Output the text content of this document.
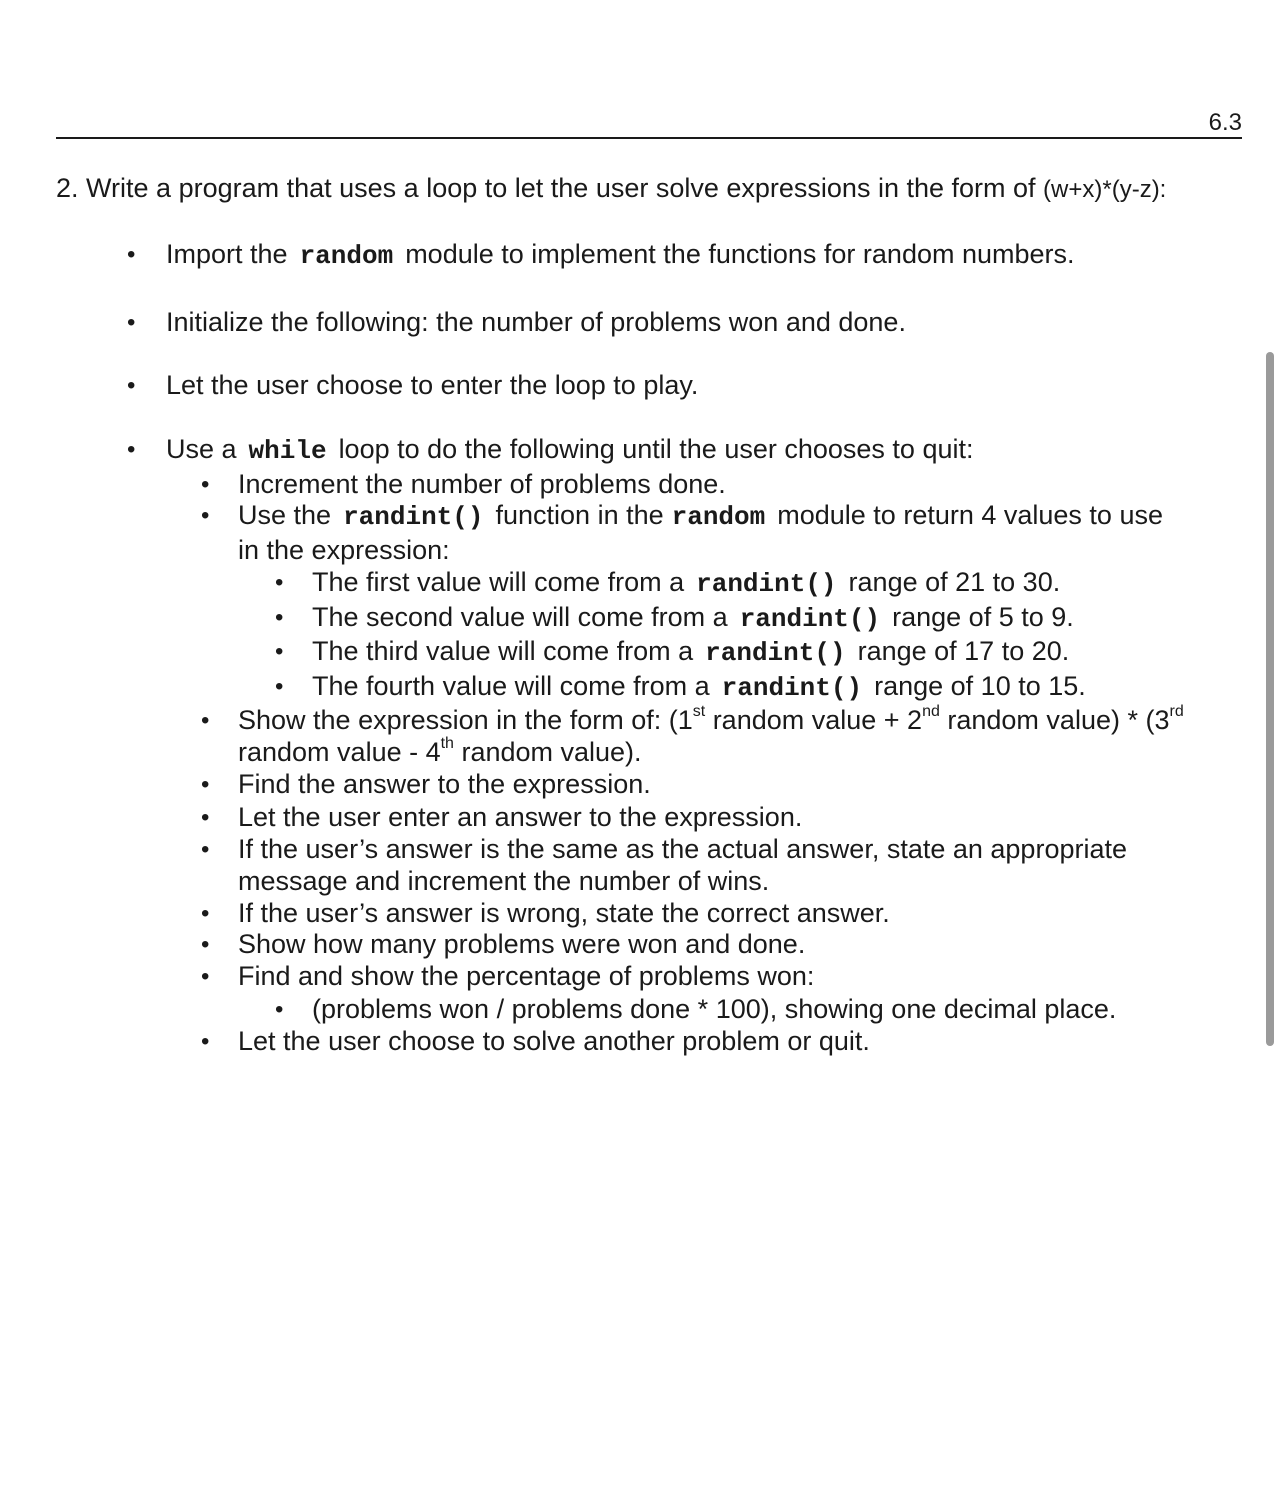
6.3
2. Write a program that uses a loop to let the user solve expressions in the form of (w+x)*(y-z):
• Import the random module to implement the functions for random numbers.
• Initialize the following: the number of problems won and done.
• Let the user choose to enter the loop to play.
• Use a while loop to do the following until the user chooses to quit:
• Increment the number of problems done.
• Use the randint() function in the random module to return 4 values to use
in the expression:
• The first value will come from a randint() range of 21 to 30.
• The second value will come from a randint() range of 5 to 9.
• The third value will come from a randint() range of 17 to 20.
• The fourth value will come from a randint() range of 10 to 15.
• Show the expression in the form of: (1st random value + 2nd random value) * (3rd
random value - 4th random value).
• Find the answer to the expression.
• Let the user enter an answer to the expression.
• If the user’s answer is the same as the actual answer, state an appropriate
message and increment the number of wins.
• If the user’s answer is wrong, state the correct answer.
• Show how many problems were won and done.
• Find and show the percentage of problems won:
• (problems won / problems done * 100), showing one decimal place.
• Let the user choose to solve another problem or quit.
